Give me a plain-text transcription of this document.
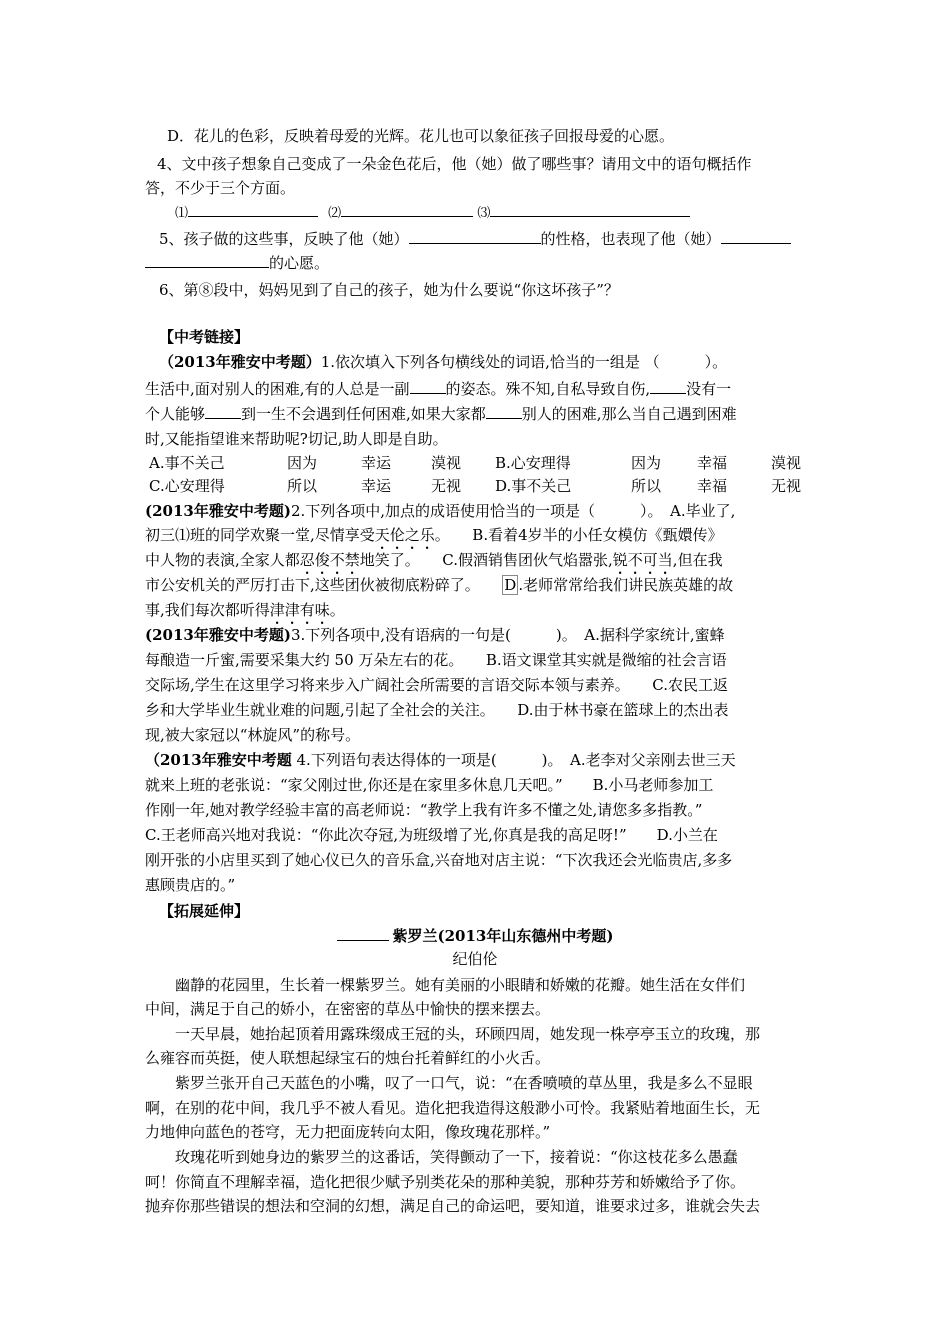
D．花儿的色彩，反映着母爱的光辉。花儿也可以象征孩子回报母爱的心愿。
4、文中孩子想象自己变成了一朵金色花后，他（她）做了哪些事？请用文中的语句概括作
答，不少于三个方面。
⑴	⑵	⑶
5、孩子做的这些事，反映了他（她）	的性格，也表现了他（她）
的心愿。
6、第⑧段中，妈妈见到了自己的孩子，她为什么要说“你这坏孩子”？
【中考链接】
（2013年雅安中考题）1.依次填入下列各句横线处的词语,恰当的一组是 （　　　）。
生活中,面对别人的困难,有的人总是一副 的姿态。殊不知,自私导致自伤, 没有一
个人能够 到一生不会遇到任何困难,如果大家都 别人的困难,那么当自己遇到困难
时,又能指望谁来帮助呢?切记,助人即是自助。
A.事不关己	因为	幸运	漠视 B.心安理得	因为 幸福	漠视
C.心安理得	所以	幸运	无视 D.事不关己	所以 幸福	无视
(2013年雅安中考题)2.下列各项中,加点的成语使用恰当的一项是（　　　）。　A.毕业了,
初三⑴班的同学欢聚一堂,尽情享受天伦之乐。　　B.看着4岁半的小任女模仿《甄嬛传》
中人物的表演,全家人都忍俊不禁地笑了。　　C.假酒销售团伙气焰嚣张,锐不可当,但在我
市公安机关的严厉打击下,这些团伙被彻底粉碎了。　　D .老师常常给我们讲民族英雄的故
事,我们每次都听得津津有味。
(2013年雅安中考题)3.下列各项中,没有语病的一句是(　　　)。　A.据科学家统计,蜜蜂
每酿造一斤蜜,需要采集大约 50 万朵左右的花。　　B.语文课堂其实就是微缩的社会言语
交际场,学生在这里学习将来步入广阔社会所需要的言语交际本领与素养。　　C.农民工返
乡和大学毕业生就业难的问题,引起了全社会的关注。　　D.由于林书豪在篮球上的杰出表
现,被大家冠以“林旋风”的称号。
（2013年雅安中考题 4.下列语句表达得体的一项是(　　　)。　A.老李对父亲刚去世三天
就来上班的老张说：“家父刚过世,你还是在家里多休息几天吧。”　　B.小马老师参加工
作刚一年,她对教学经验丰富的高老师说：“教学上我有许多不懂之处,请您多多指教。”
C.王老师高兴地对我说：“你此次夺冠,为班级增了光,你真是我的高足呀!”　　D.小兰在
刚开张的小店里买到了她心仪已久的音乐盒,兴奋地对店主说：“下次我还会光临贵店,多多
惠顾贵店的。”
【拓展延伸】
紫罗兰(2013年山东德州中考题)
纪伯伦
幽静的花园里，生长着一棵紫罗兰。她有美丽的小眼睛和娇嫩的花瓣。她生活在女伴们
中间，满足于自己的娇小，在密密的草丛中愉快的摆来摆去。
一天早晨，她抬起顶着用露珠缀成王冠的头，环顾四周，她发现一株亭亭玉立的玫瑰，那
么雍容而英挺，使人联想起绿宝石的烛台托着鲜红的小火舌。
紫罗兰张开自己天蓝色的小嘴，叹了一口气，说：“在香喷喷的草丛里，我是多么不显眼
啊，在别的花中间，我几乎不被人看见。造化把我造得这般渺小可怜。我紧贴着地面生长，无
力地伸向蓝色的苍穹，无力把面庞转向太阳，像玫瑰花那样。”
玫瑰花听到她身边的紫罗兰的这番话，笑得颤动了一下，接着说：“你这枝花多么愚蠢
呵！你简直不理解幸福，造化把很少赋予别类花朵的那种美貌，那种芬芳和娇嫩给予了你。
抛弃你那些错误的想法和空洞的幻想，满足自己的命运吧，要知道，谁要求过多，谁就会失去
